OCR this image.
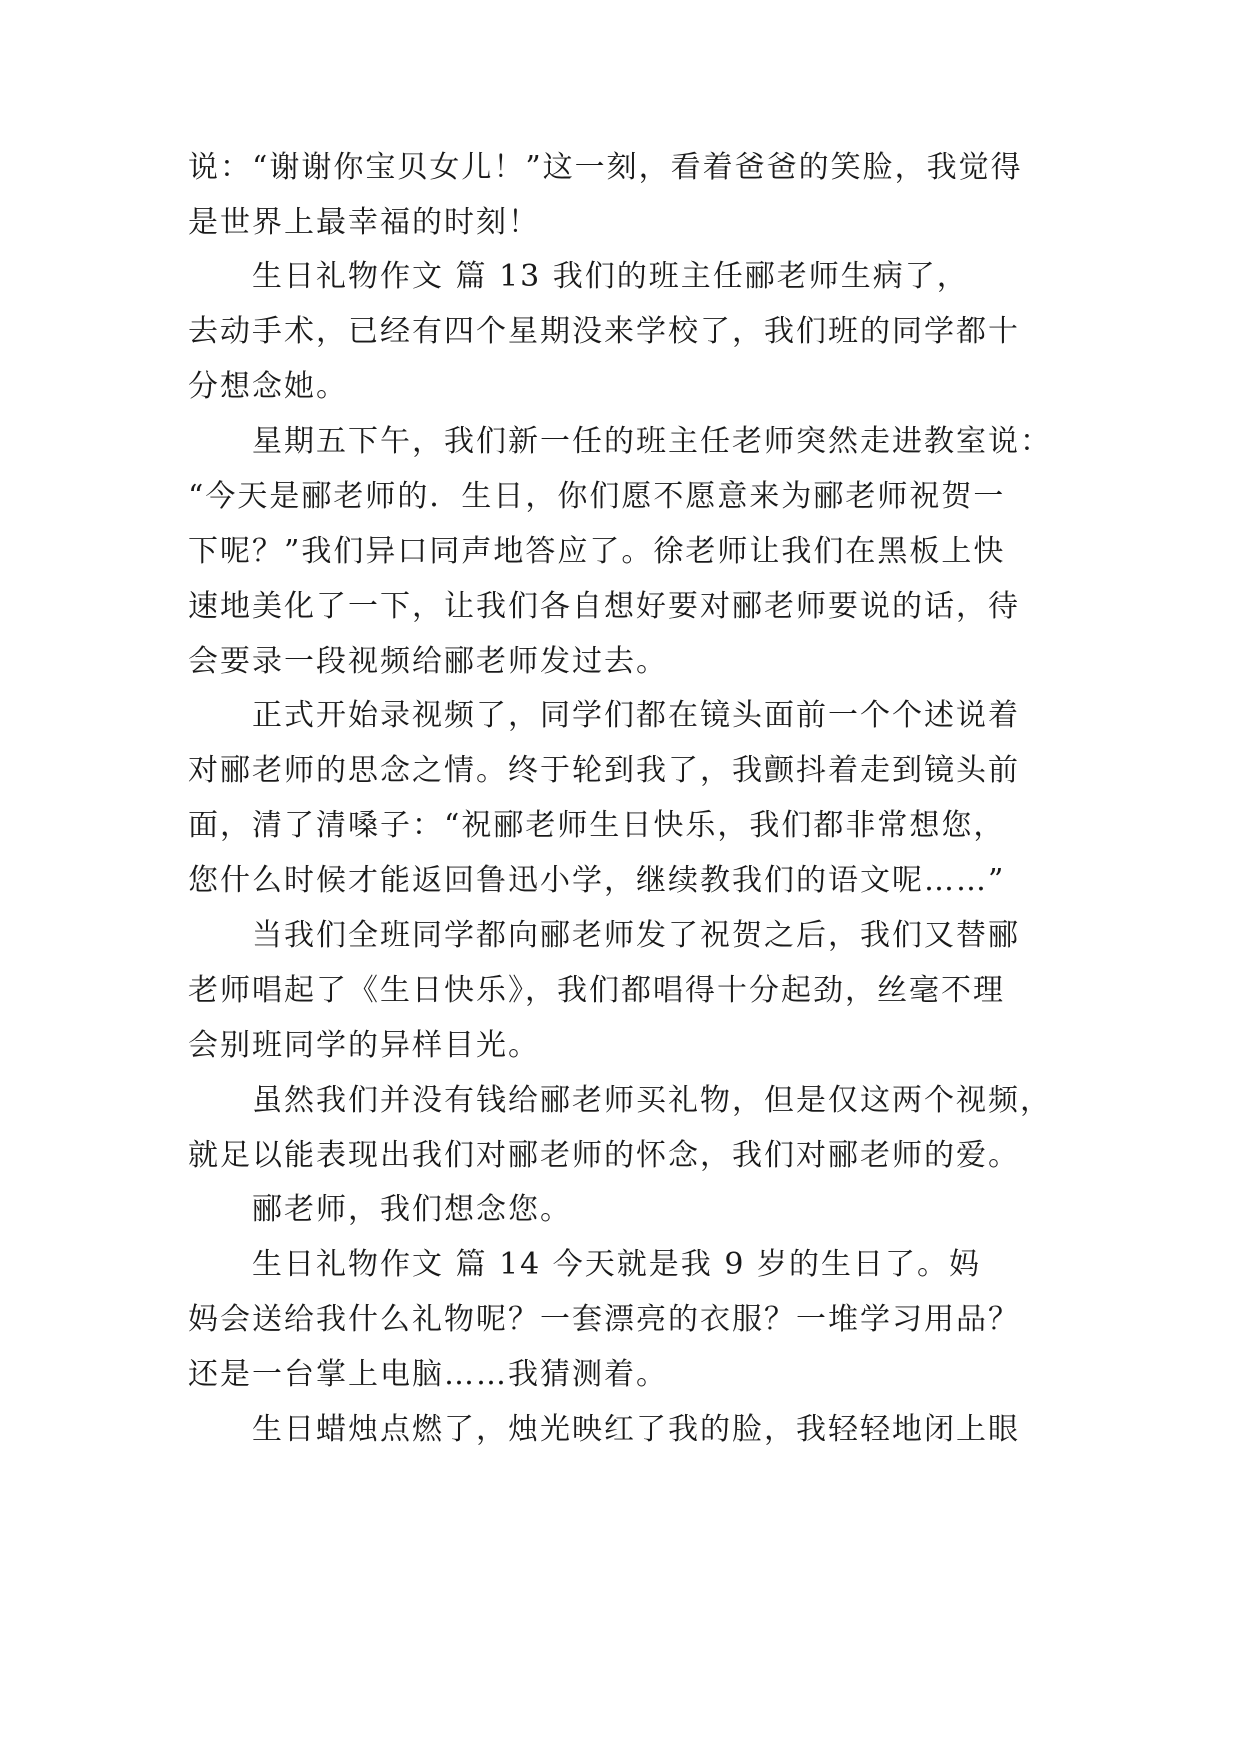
说：“谢谢你宝贝女儿！”这一刻，看着爸爸的笑脸，我觉得
是世界上最幸福的时刻！
生日礼物作文 篇 13 我们的班主任郦老师生病了，
去动手术，已经有四个星期没来学校了，我们班的同学都十
分想念她。
星期五下午，我们新一任的班主任老师突然走进教室说：
“今天是郦老师的．生日，你们愿不愿意来为郦老师祝贺一
下呢？”我们异口同声地答应了。徐老师让我们在黑板上快
速地美化了一下，让我们各自想好要对郦老师要说的话，待
会要录一段视频给郦老师发过去。
正式开始录视频了，同学们都在镜头面前一个个述说着
对郦老师的思念之情。终于轮到我了，我颤抖着走到镜头前
面，清了清嗓子：“祝郦老师生日快乐，我们都非常想您，
您什么时候才能返回鲁迅小学，继续教我们的语文呢……”
当我们全班同学都向郦老师发了祝贺之后，我们又替郦
老师唱起了《生日快乐》，我们都唱得十分起劲，丝毫不理
会别班同学的异样目光。
虽然我们并没有钱给郦老师买礼物，但是仅这两个视频，
就足以能表现出我们对郦老师的怀念，我们对郦老师的爱。
郦老师，我们想念您。
生日礼物作文 篇 14 今天就是我 9 岁的生日了。妈
妈会送给我什么礼物呢？一套漂亮的衣服？一堆学习用品？
还是一台掌上电脑……我猜测着。
生日蜡烛点燃了，烛光映红了我的脸，我轻轻地闭上眼
